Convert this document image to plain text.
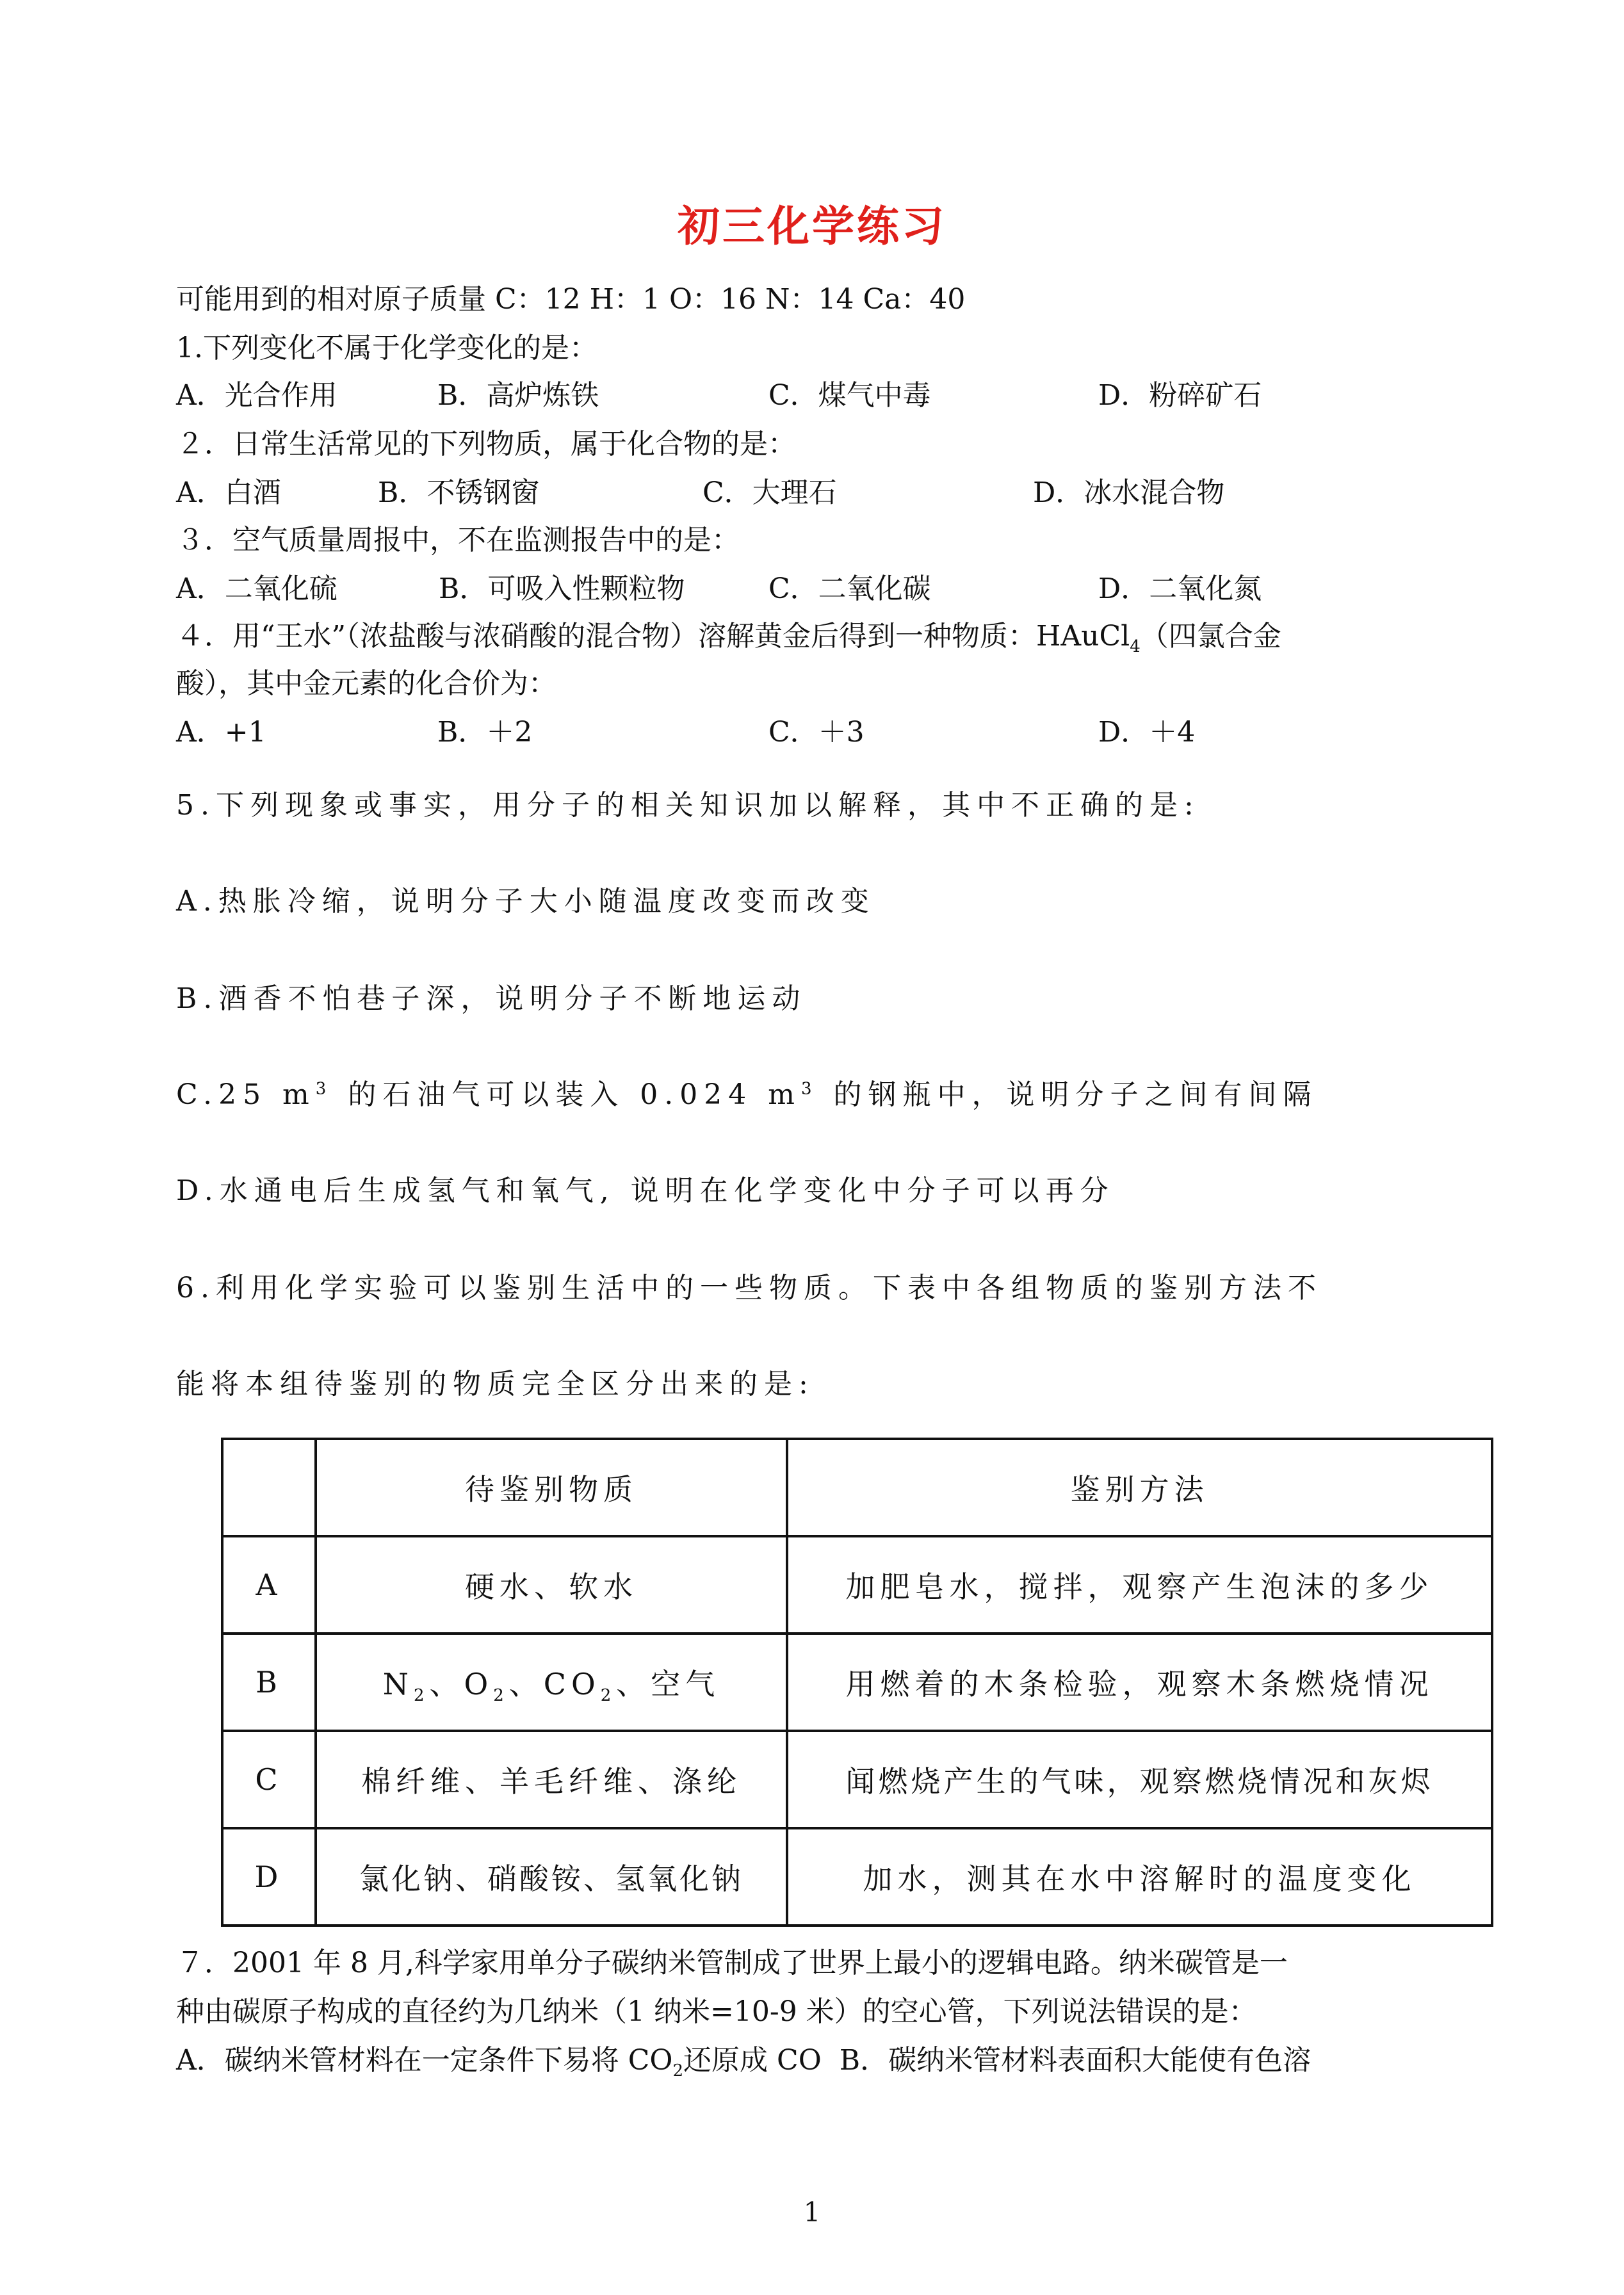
初三化学练习
可能用到的相对原子质量 C：12 H：1 O：16 N：14 Ca：40
1.下列变化不属于化学变化的是：
A．光合作用	B．高炉炼铁	C．煤气中毒	D．粉碎矿石
２．日常生活常见的下列物质，属于化合物的是：
A．白酒	B．不锈钢窗	C．大理石	D．冰水混合物
３．空气质量周报中，不在监测报告中的是：
A．二氧化硫	B．可吸入性颗粒物	C．二氧化碳	D．二氧化氮
４．用“王水”（浓盐酸与浓硝酸的混合物）溶解黄金后得到一种物质：HAuCl$_4$（四氯合金
酸），其中金元素的化合价为：
A．+1	B．＋2	C．＋3	D．＋4
5.下列现象或事实，用分子的相关知识加以解释，其中不正确的是:
A.热胀冷缩，说明分子大小随温度改变而改变
B.酒香不怕巷子深，说明分子不断地运动
C.25 $m^3$ 的石油气可以装入 0.024 $m^3$ 的钢瓶中，说明分子之间有间隔
D.水通电后生成氢气和氧气, 说明在化学变化中分子可以再分
6.利用化学实验可以鉴别生活中的一些物质。下表中各组物质的鉴别方法不
能将本组待鉴别的物质完全区分出来的是:
	待鉴别物质	鉴别方法
A	硬水、软水	加肥皂水，搅拌，观察产生泡沫的多少
B	$N_2$、$O_2$、$CO_2$、空气	用燃着的木条检验，观察木条燃烧情况
C	棉纤维、羊毛纤维、涤纶	闻燃烧产生的气味，观察燃烧情况和灰烬
D	氯化钠、硝酸铵、氢氧化钠	加水，测其在水中溶解时的温度变化
７．2001 年 8 月,科学家用单分子碳纳米管制成了世界上最小的逻辑电路。纳米碳管是一
种由碳原子构成的直径约为几纳米（1 纳米=10-9 米）的空心管，下列说法错误的是：
A．碳纳米管材料在一定条件下易将 $CO_2$还原成 CO B．碳纳米管材料表面积大能使有色溶
1
